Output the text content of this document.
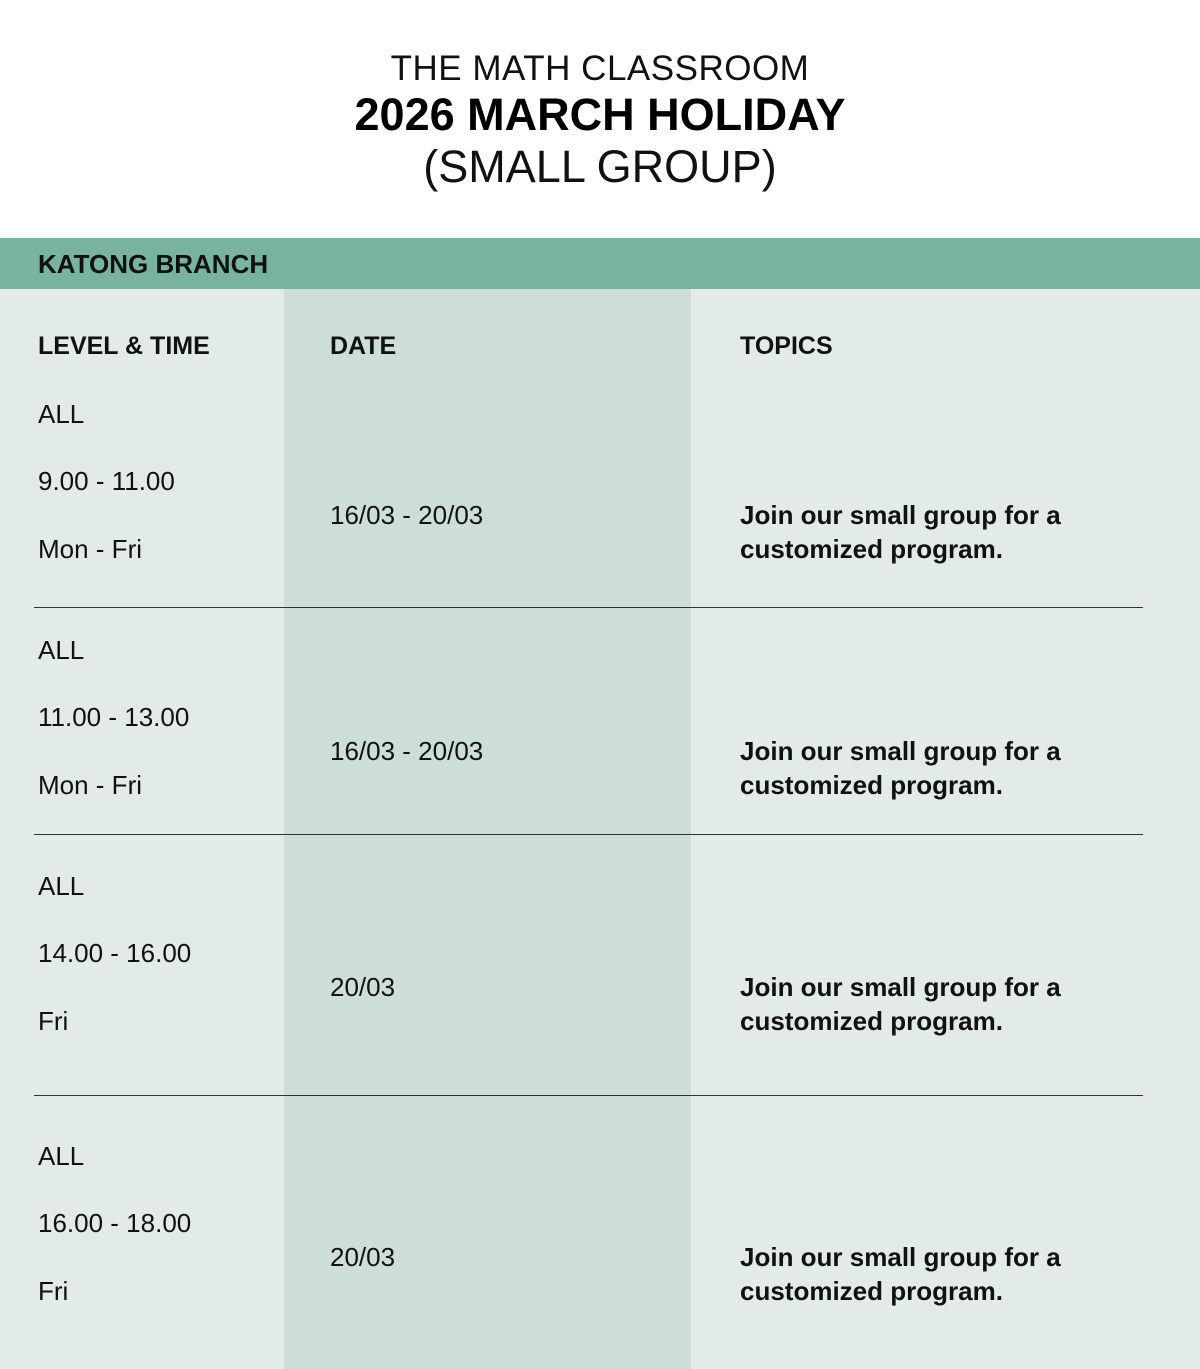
THE MATH CLASSROOM
2026 MARCH HOLIDAY
(SMALL GROUP)
KATONG BRANCH
LEVEL & TIME	DATE	TOPICS
ALL
9.00 - 11.00
Mon - Fri
16/03 - 20/03	Join our small group for a customized program.
ALL
11.00 - 13.00
Mon - Fri
16/03 - 20/03	Join our small group for a customized program.
ALL
14.00 - 16.00
Fri
20/03	Join our small group for a customized program.
ALL
16.00 - 18.00
Fri
20/03	Join our small group for a customized program.
